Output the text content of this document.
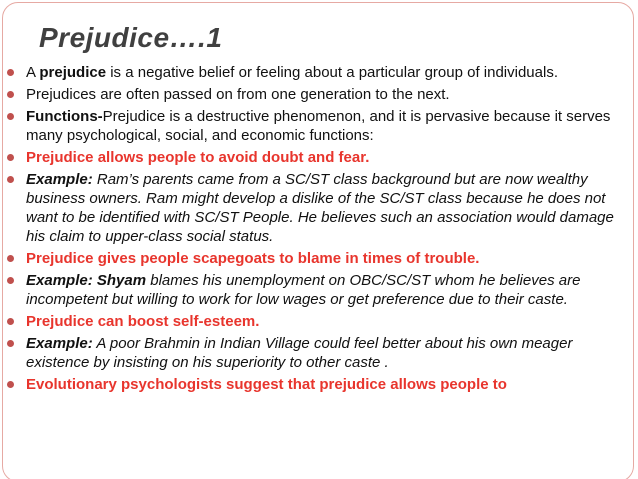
Prejudice….1
A prejudice is a negative belief or feeling about a particular group of individuals.
Prejudices are often passed on from one generation to the next.
Functions-Prejudice is a destructive phenomenon, and it is pervasive because it serves many psychological, social, and economic functions:
Prejudice allows people to avoid doubt and fear.
Example: Ram’s parents came from a SC/ST class background but are now wealthy business owners. Ram might develop a dislike of the SC/ST class because he does not want to be identified with SC/ST People. He believes such an association would damage his claim to upper-class social status.
Prejudice gives people scapegoats to blame in times of trouble.
Example: Shyam blames his unemployment on OBC/SC/ST whom he believes are incompetent but willing to work for low wages or get preference due to their caste.
Prejudice can boost self-esteem.
Example: A poor Brahmin in Indian Village could feel better about his own meager existence by insisting on his superiority to other caste .
Evolutionary psychologists suggest that prejudice allows people to
